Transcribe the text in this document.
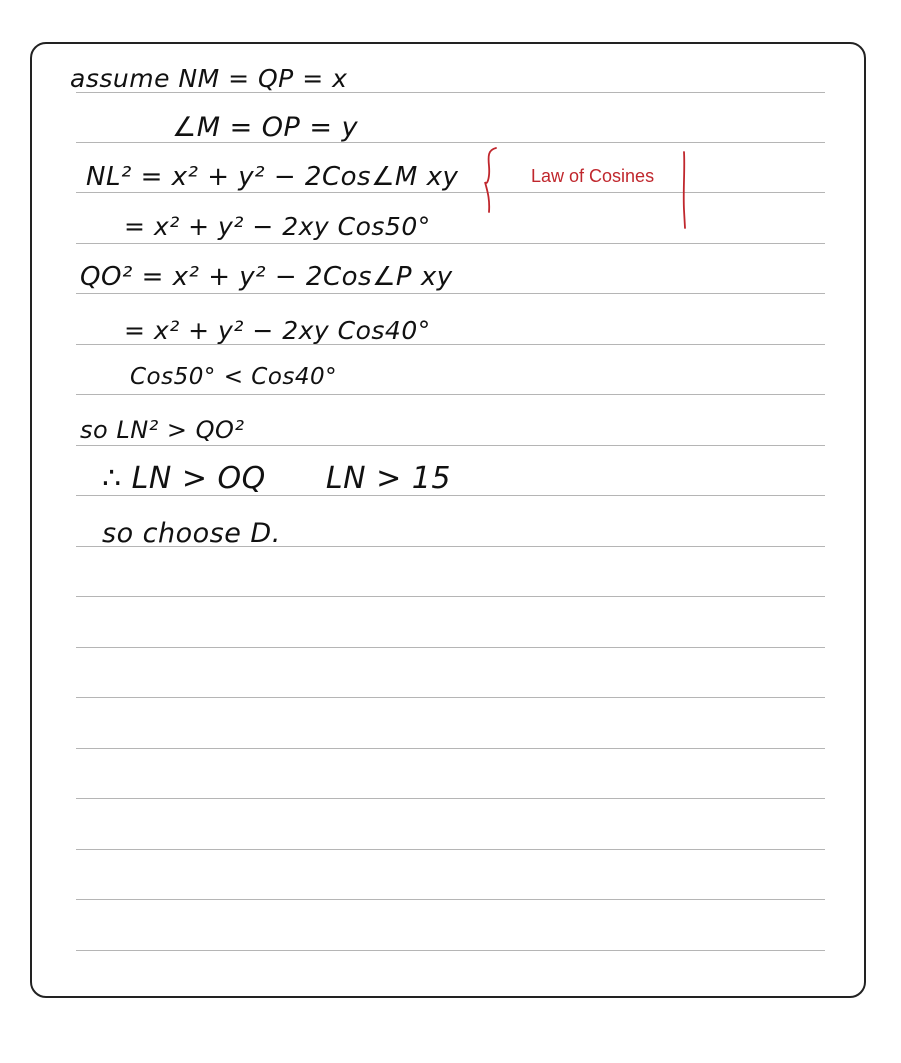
assume NM = QP = x
∠M = OP = y
NL² = x² + y² − 2Cos∠M xy
= x² + y² − 2xy Cos50°
QO² = x² + y² − 2Cos∠P xy
= x² + y² − 2xy Cos40°
Cos50° < Cos40°
so LN² > QO²
∴ LN > OQ      LN > 15
so choose D.
Law of Cosines
